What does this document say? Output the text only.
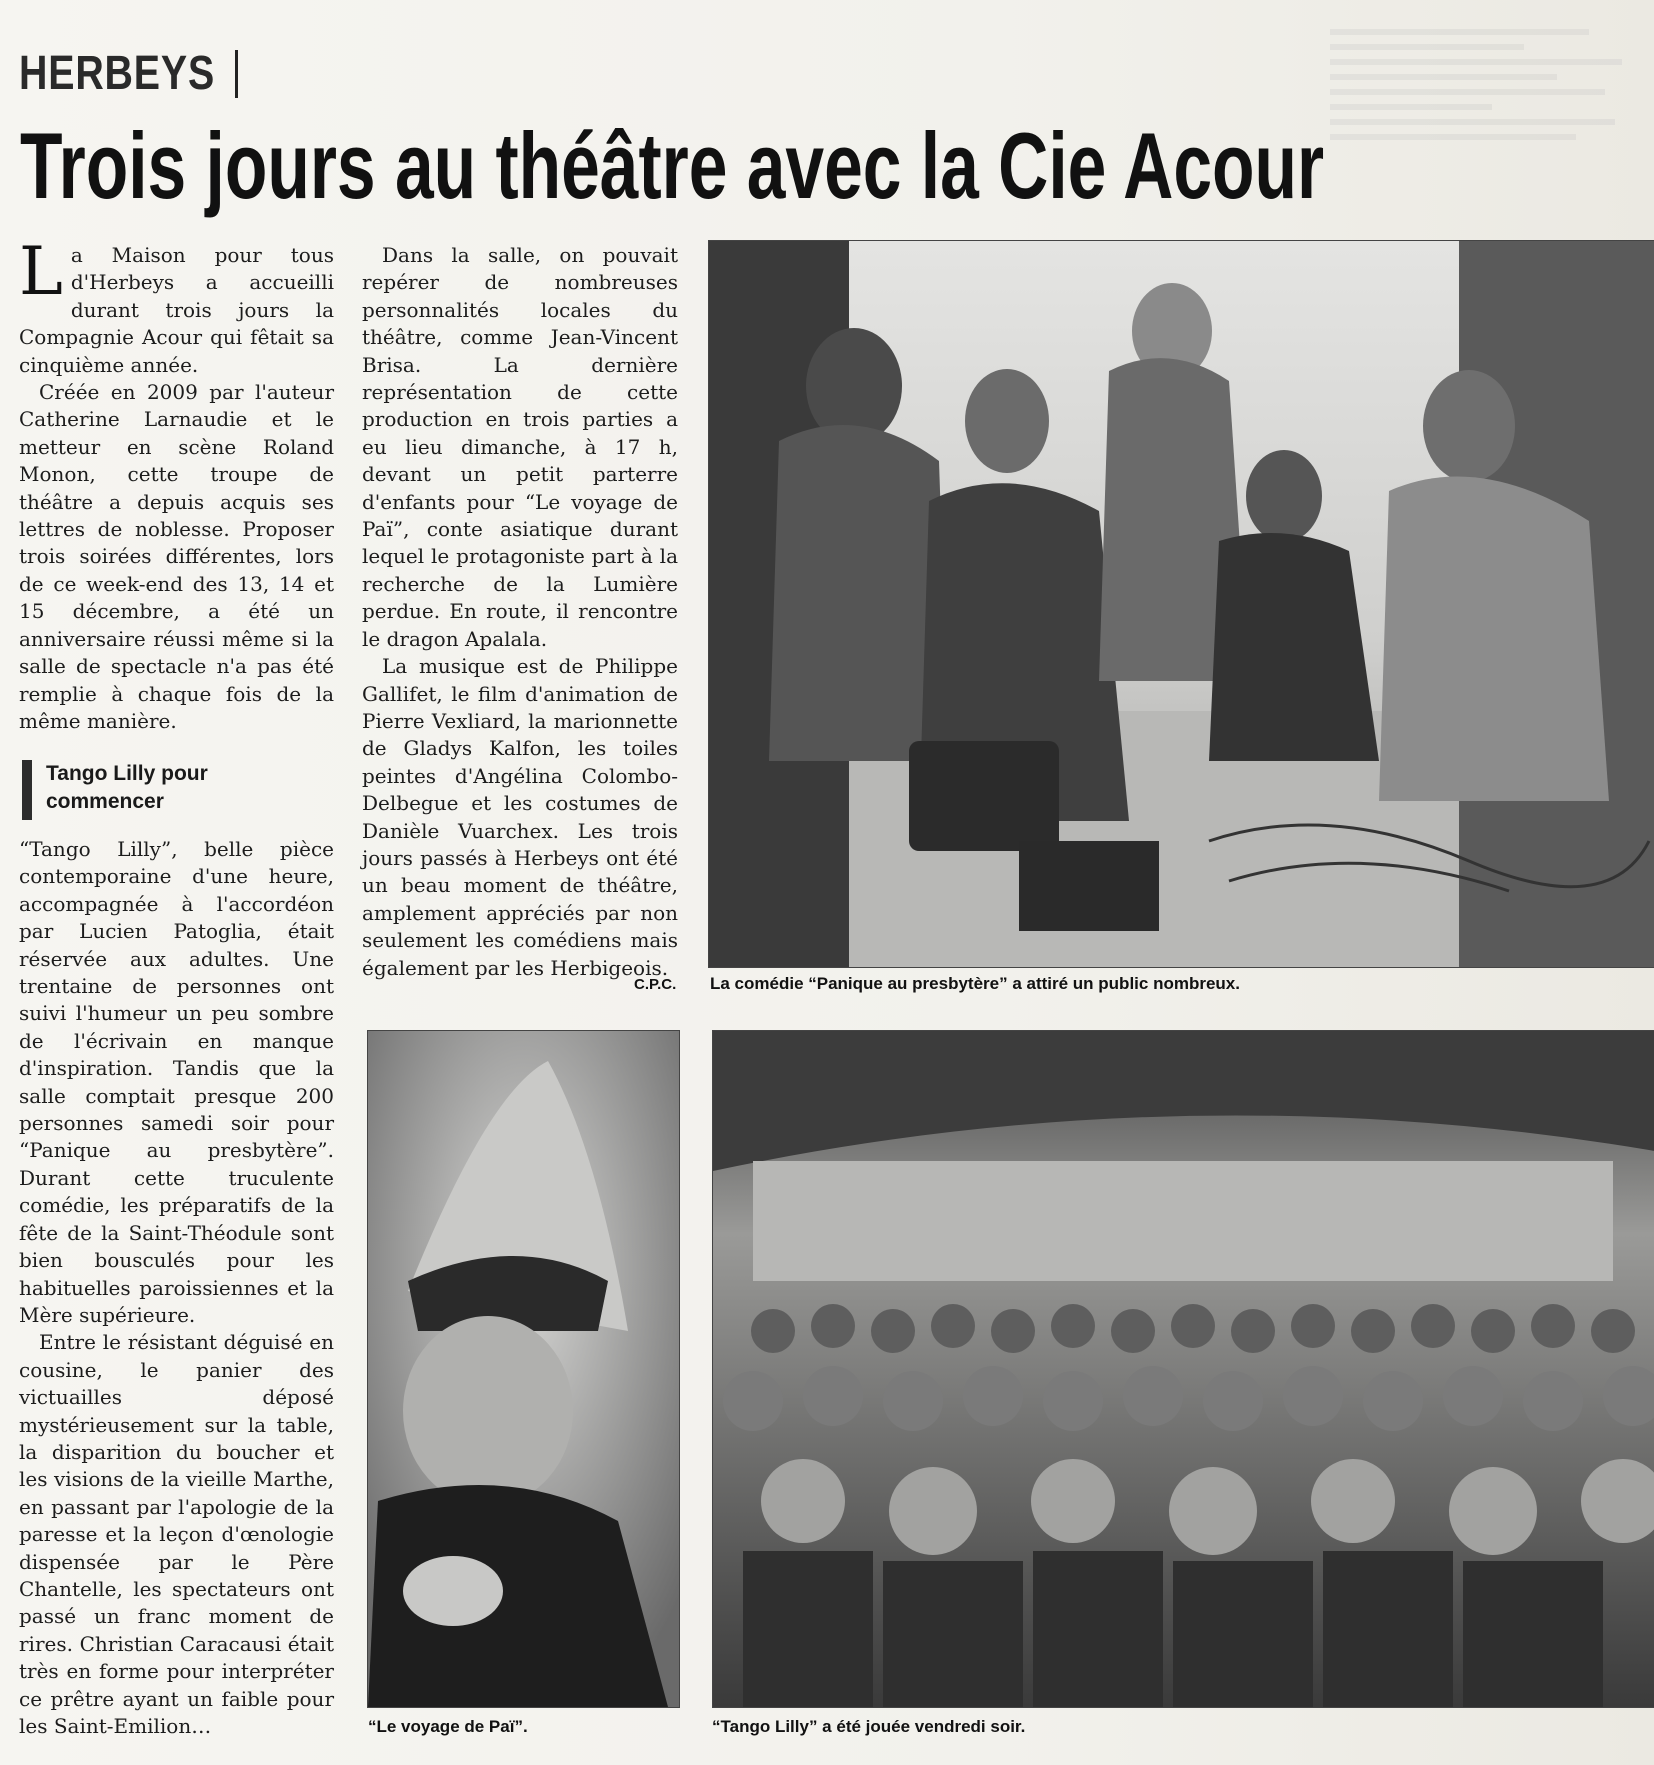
HERBEYS
Trois jours au théâtre avec la Cie Acour

La Maison pour tous d'Herbeys a accueilli durant trois jours la Compagnie Acour qui fêtait sa cinquième année.

Créée en 2009 par l'auteur Catherine Larnaudie et le metteur en scène Roland Monon, cette troupe de théâtre a depuis acquis ses lettres de noblesse. Proposer trois soirées différentes, lors de ce week-end des 13, 14 et 15 décembre, a été un anniversaire réussi même si la salle de spectacle n'a pas été remplie à chaque fois de la même manière.

Tango Lilly pour commencer

“Tango Lilly”, belle pièce contemporaine d'une heure, accompagnée à l'accordéon par Lucien Patoglia, était réservée aux adultes. Une trentaine de personnes ont suivi l'humeur un peu sombre de l'écrivain en manque d'inspiration. Tandis que la salle comptait presque 200 personnes samedi soir pour “Panique au presbytère”. Durant cette truculente comédie, les préparatifs de la fête de la Saint-Théodule sont bien bousculés pour les habituelles paroissiennes et la Mère supérieure.

Entre le résistant déguisé en cousine, le panier des victuailles déposé mystérieusement sur la table, la disparition du boucher et les visions de la vieille Marthe, en passant par l'apologie de la paresse et la leçon d'œnologie dispensée par le Père Chantelle, les spectateurs ont passé un franc moment de rires. Christian Caracausi était très en forme pour interpréter ce prêtre ayant un faible pour les Saint-Emilion…

Dans la salle, on pouvait repérer de nombreuses personnalités locales du théâtre, comme Jean-Vincent Brisa. La dernière représentation de cette production en trois parties a eu lieu dimanche, à 17 h, devant un petit parterre d'enfants pour “Le voyage de Paï”, conte asiatique durant lequel le protagoniste part à la recherche de la Lumière perdue. En route, il rencontre le dragon Apalala.

La musique est de Philippe Gallifet, le film d'animation de Pierre Vexliard, la marionnette de Gladys Kalfon, les toiles peintes d'Angélina Colombo-Delbegue et les costumes de Danièle Vuarchex. Les trois jours passés à Herbeys ont été un beau moment de théâtre, amplement appréciés par non seulement les comédiens mais également par les Herbigeois.

C.P.C. La comédie “Panique au presbytère” a attiré un public nombreux.
“Le voyage de Paï”.	“Tango Lilly” a été jouée vendredi soir.
